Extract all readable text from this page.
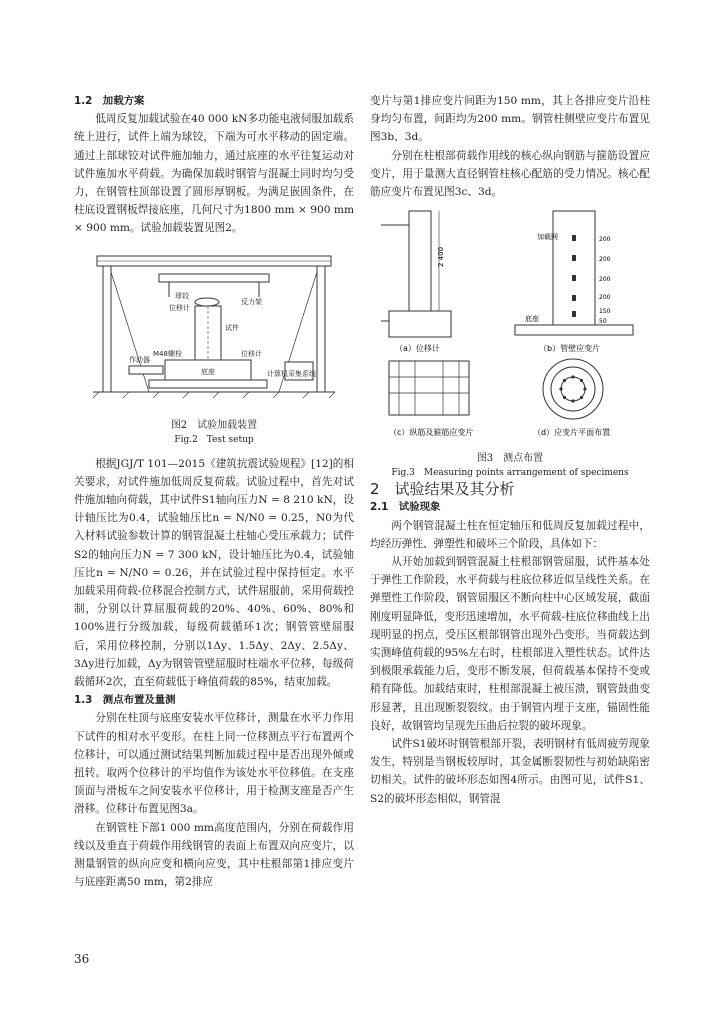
1.2　加载方案

低周反复加载试验在40 000 kN多功能电液伺服加载系统上进行，试件上端为球铰，下端为可水平移动的固定端。通过上部球铰对试件施加轴力，通过底座的水平往复运动对试件施加水平荷载。为确保加载时钢管与混凝土同时均匀受力，在钢管柱顶部设置了圆形厚钢板。为满足嵌固条件，在柱底设置钢板焊接底座，几何尺寸为1800 mm × 900 mm × 900 mm。试验加载装置见图2。

球铰
位移计
试件
反力架
M48螺栓	位移计
底座
作动器
计算机采集系统

图2　试验加载装置

Fig.2　Test setup

根据JGJ/T 101—2015《建筑抗震试验规程》[12]的相关要求，对试件施加低周反复荷载。试验过程中，首先对试件施加轴向荷载，其中试件S1轴向压力N = 8 210 kN，设计轴压比为0.4，试验轴压比n = N/N0 = 0.25，N0为代入材料试验参数计算的钢管混凝土柱轴心受压承载力；试件S2的轴向压力N = 7 300 kN，设计轴压比为0.4，试验轴压比n = N/N0 = 0.26，并在试验过程中保持恒定。水平加载采用荷载-位移混合控制方式，试件屈服前，采用荷载控制，分别以计算屈服荷载的20%、40%、60%、80%和100%进行分级加载，每级荷载循环1次；钢管管壁屈服后，采用位移控制，分别以1Δy、1.5Δy、2Δy、2.5Δy、3Δy进行加载，Δy为钢管管壁屈服时柱端水平位移，每级荷载循环2次，直至荷载低于峰值荷载的85%，结束加载。

1.3　测点布置及量测

分别在柱顶与底座安装水平位移计，测量在水平力作用下试件的相对水平变形。在柱上同一位移测点平行布置两个位移计，可以通过测试结果判断加载过程中是否出现外倾或扭转。取两个位移计的平均值作为该处水平位移值。在支座顶面与滑板车之间安装水平位移计，用于检测支座是否产生滑移。位移计布置见图3a。

在钢管柱下部1 000 mm高度范围内，分别在荷载作用线以及垂直于荷载作用线钢管的表面上布置双向应变片，以测量钢管的纵向应变和横向应变，其中柱根部第1排应变片与底座距离50 mm，第2排应

变片与第1排应变片间距为150 mm，其上各排应变片沿柱身均匀布置，间距均为200 mm。钢管柱侧壁应变片布置见图3b、3d。

分别在柱根部荷载作用线的核心纵向钢筋与箍筋设置应变片，用于量测大直径钢管柱核心配筋的受力情况。核心配筋应变片布置见图3c、3d。

2 400
加载网
底座
200
200
200
200
150
50
（a）位移计	（b）管壁应变片
（c）纵筋及箍筋应变片	（d）应变片平面布置

图3　测点布置

Fig.3　Measuring points arrangement of specimens

2　试验结果及其分析

2.1　试验现象

两个钢管混凝土柱在恒定轴压和低周反复加载过程中，均经历弹性、弹塑性和破坏三个阶段，具体如下：

从开始加载到钢管混凝土柱根部钢管屈服，试件基本处于弹性工作阶段，水平荷载与柱底位移近似呈线性关系。在弹塑性工作阶段，钢管屈服区不断向柱中心区域发展，截面刚度明显降低，变形迅速增加，水平荷载-柱底位移曲线上出现明显的拐点，受压区根部钢管出现外凸变形。当荷载达到实测峰值荷载的95%左右时，柱根部进入塑性状态。试件达到极限承载能力后，变形不断发展，但荷载基本保持不变或稍有降低。加载结束时，柱根部混凝土被压溃，钢管鼓曲变形显著，且出现断裂裂纹。由于钢管内埋于支座，锚固性能良好，故钢管均呈现先压曲后拉裂的破坏现象。

试件S1破坏时钢管根部开裂，表明钢材有低周疲劳现象发生，特别是当钢板较厚时，其金属断裂韧性与初始缺陷密切相关。试件的破坏形态如图4所示。由图可见，试件S1、S2的破坏形态相似，钢管混

36
